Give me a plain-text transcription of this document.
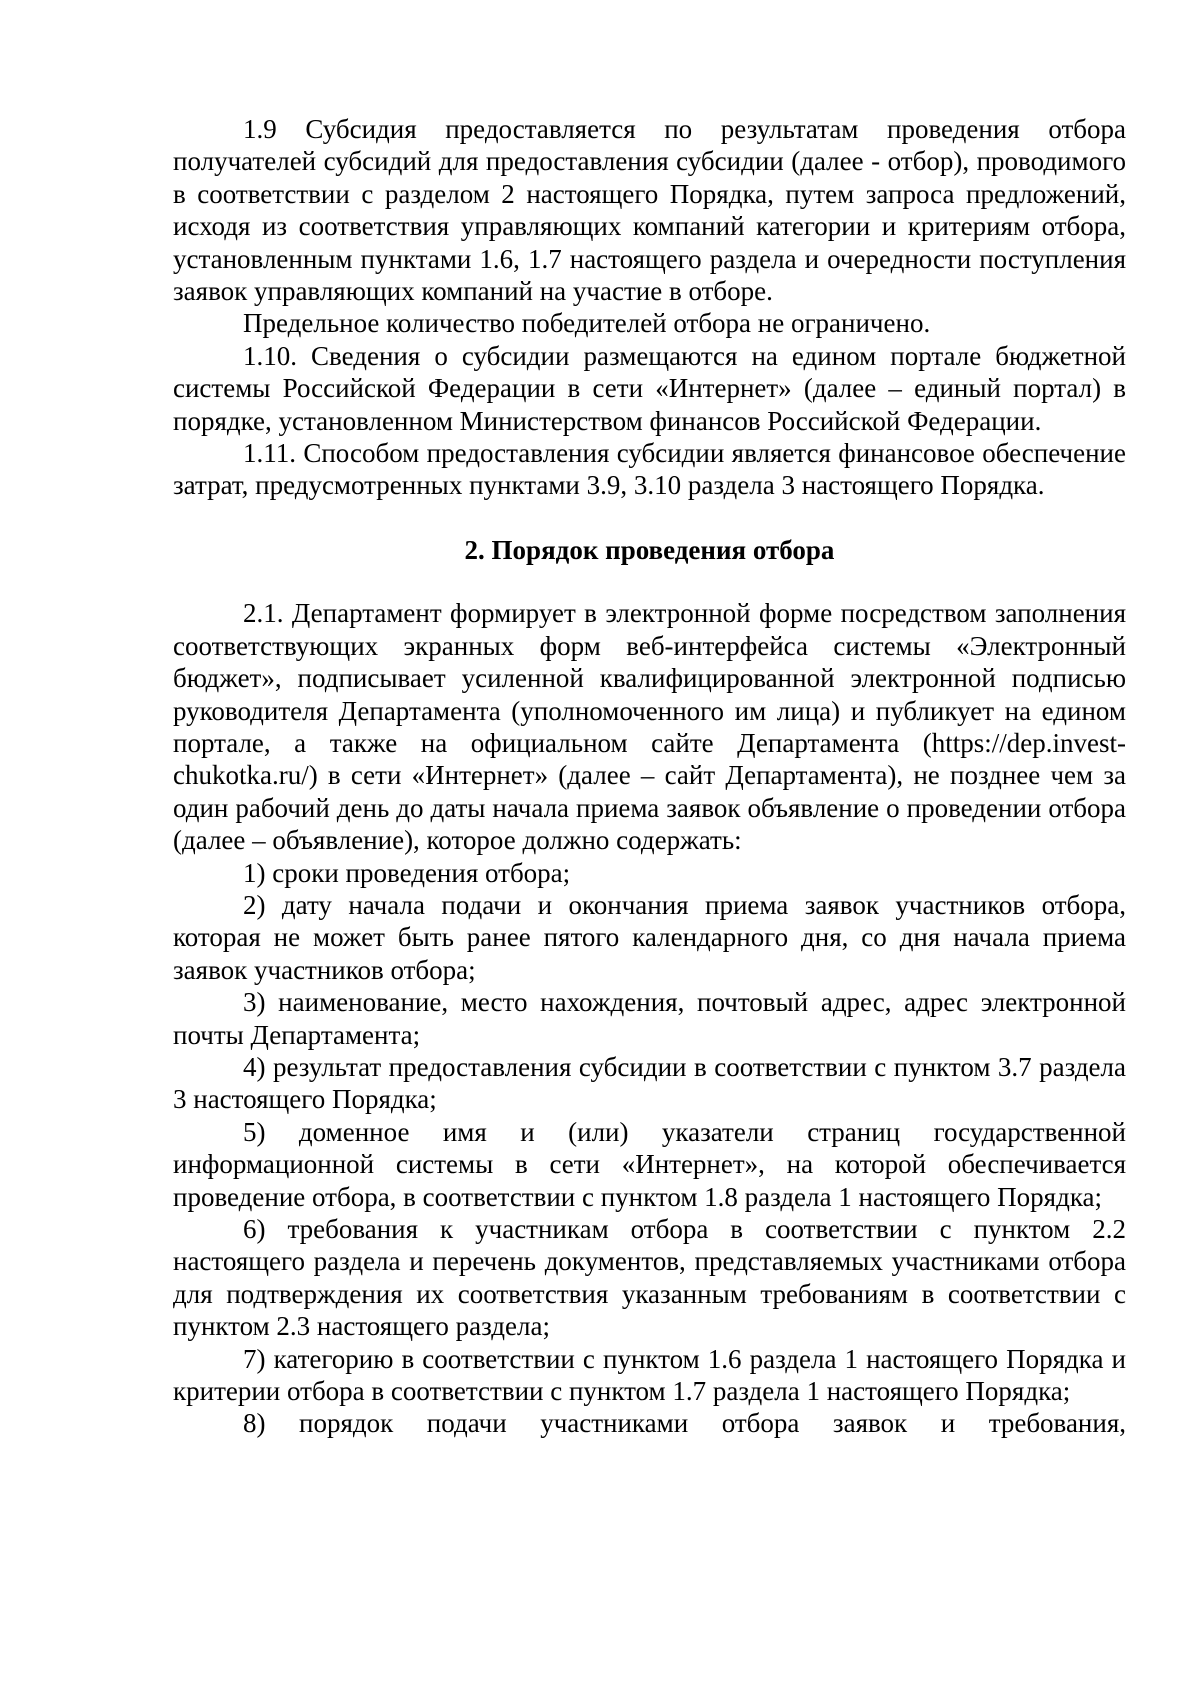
1.9 Субсидия предоставляется по результатам проведения отбора получателей субсидий для предоставления субсидии (далее - отбор), проводимого в соответствии с разделом 2 настоящего Порядка, путем запроса предложений, исходя из соответствия управляющих компаний категории и критериям отбора, установленным пунктами 1.6, 1.7 настоящего раздела и очередности поступления заявок управляющих компаний на участие в отборе.

Предельное количество победителей отбора не ограничено.

1.10. Сведения о субсидии размещаются на едином портале бюджетной системы Российской Федерации в сети «Интернет» (далее – единый портал) в порядке, установленном Министерством финансов Российской Федерации.

1.11. Способом предоставления субсидии является финансовое обеспечение затрат, предусмотренных пунктами 3.9, 3.10 раздела 3 настоящего Порядка.

2. Порядок проведения отбора

2.1. Департамент формирует в электронной форме посредством заполнения соответствующих экранных форм веб-интерфейса системы «Электронный бюджет», подписывает усиленной квалифицированной электронной подписью руководителя Департамента (уполномоченного им лица) и публикует на едином портале, а также на официальном сайте Департамента (https://dep.invest-chukotka.ru/) в сети «Интернет» (далее – сайт Департамента), не позднее чем за один рабочий день до даты начала приема заявок объявление о проведении отбора (далее – объявление), которое должно содержать:

1) сроки проведения отбора;

2) дату начала подачи и окончания приема заявок участников отбора, которая не может быть ранее пятого календарного дня, со дня начала приема заявок участников отбора;

3) наименование, место нахождения, почтовый адрес, адрес электронной почты Департамента;

4) результат предоставления субсидии в соответствии с пунктом 3.7 раздела 3 настоящего Порядка;

5) доменное имя и (или) указатели страниц государственной информационной системы в сети «Интернет», на которой обеспечивается проведение отбора, в соответствии с пунктом 1.8 раздела 1 настоящего Порядка;

6) требования к участникам отбора в соответствии с пунктом 2.2 настоящего раздела и перечень документов, представляемых участниками отбора для подтверждения их соответствия указанным требованиям в соответствии с пунктом 2.3 настоящего раздела;

7) категорию в соответствии с пунктом 1.6 раздела 1 настоящего Порядка и критерии отбора в соответствии с пунктом 1.7 раздела 1 настоящего Порядка;

8) порядок подачи участниками отбора заявок и требования,
